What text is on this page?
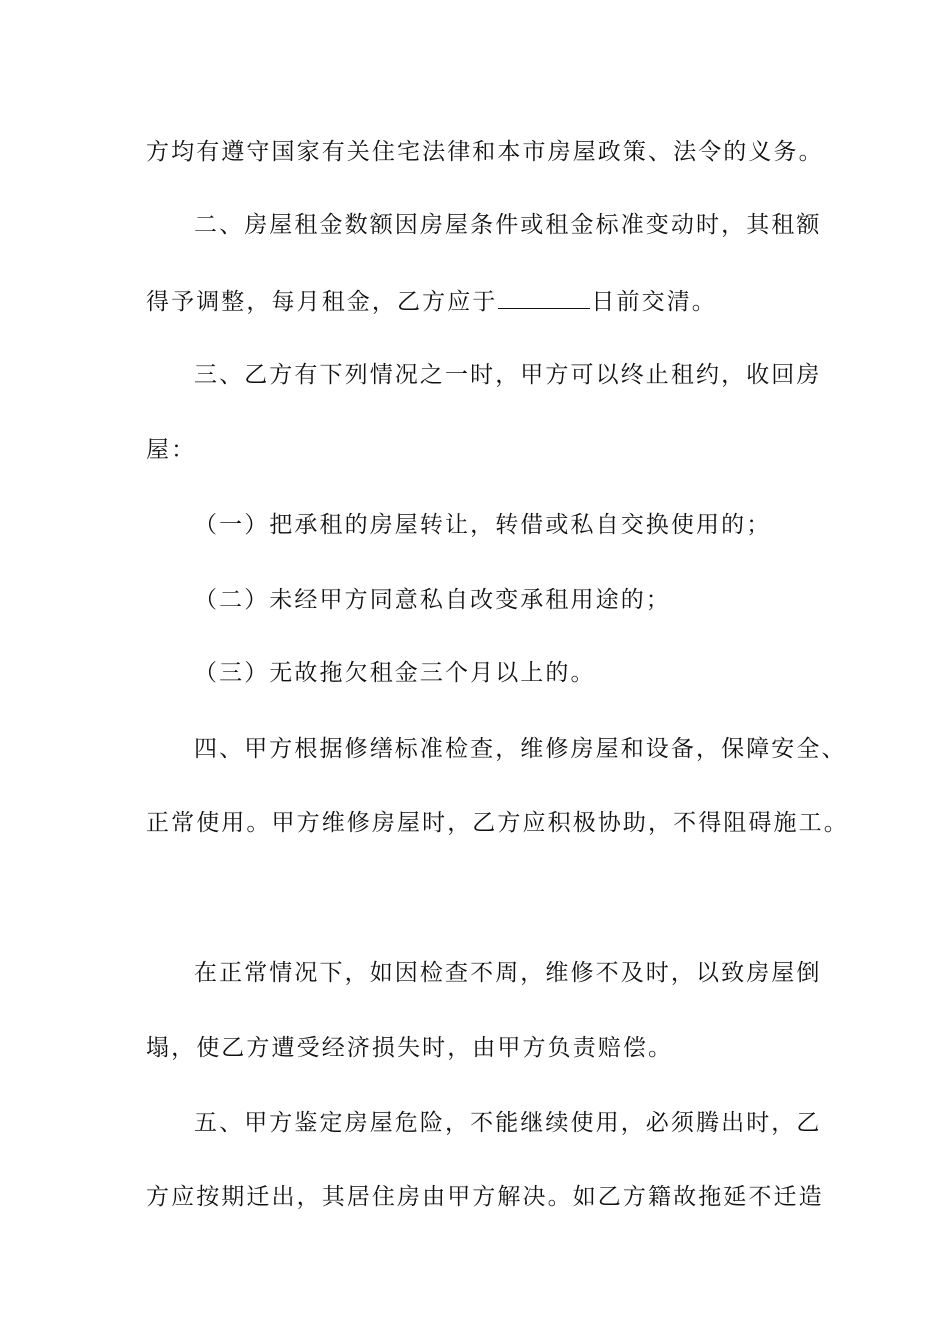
方均有遵守国家有关住宅法律和本市房屋政策、法令的义务。
二、房屋租金数额因房屋条件或租金标准变动时，其租额
得予调整，每月租金，乙方应于	日前交清。
三、乙方有下列情况之一时，甲方可以终止租约，收回房
屋：
（一）把承租的房屋转让，转借或私自交换使用的；
（二）未经甲方同意私自改变承租用途的；
（三）无故拖欠租金三个月以上的。
四、甲方根据修缮标准检查，维修房屋和设备，保障安全、
正常使用。甲方维修房屋时，乙方应积极协助，不得阻碍施工。
在正常情况下，如因检查不周，维修不及时，以致房屋倒
塌，使乙方遭受经济损失时，由甲方负责赔偿。
五、甲方鉴定房屋危险，不能继续使用，必须腾出时，乙
方应按期迁出，其居住房由甲方解决。如乙方籍故拖延不迁造
